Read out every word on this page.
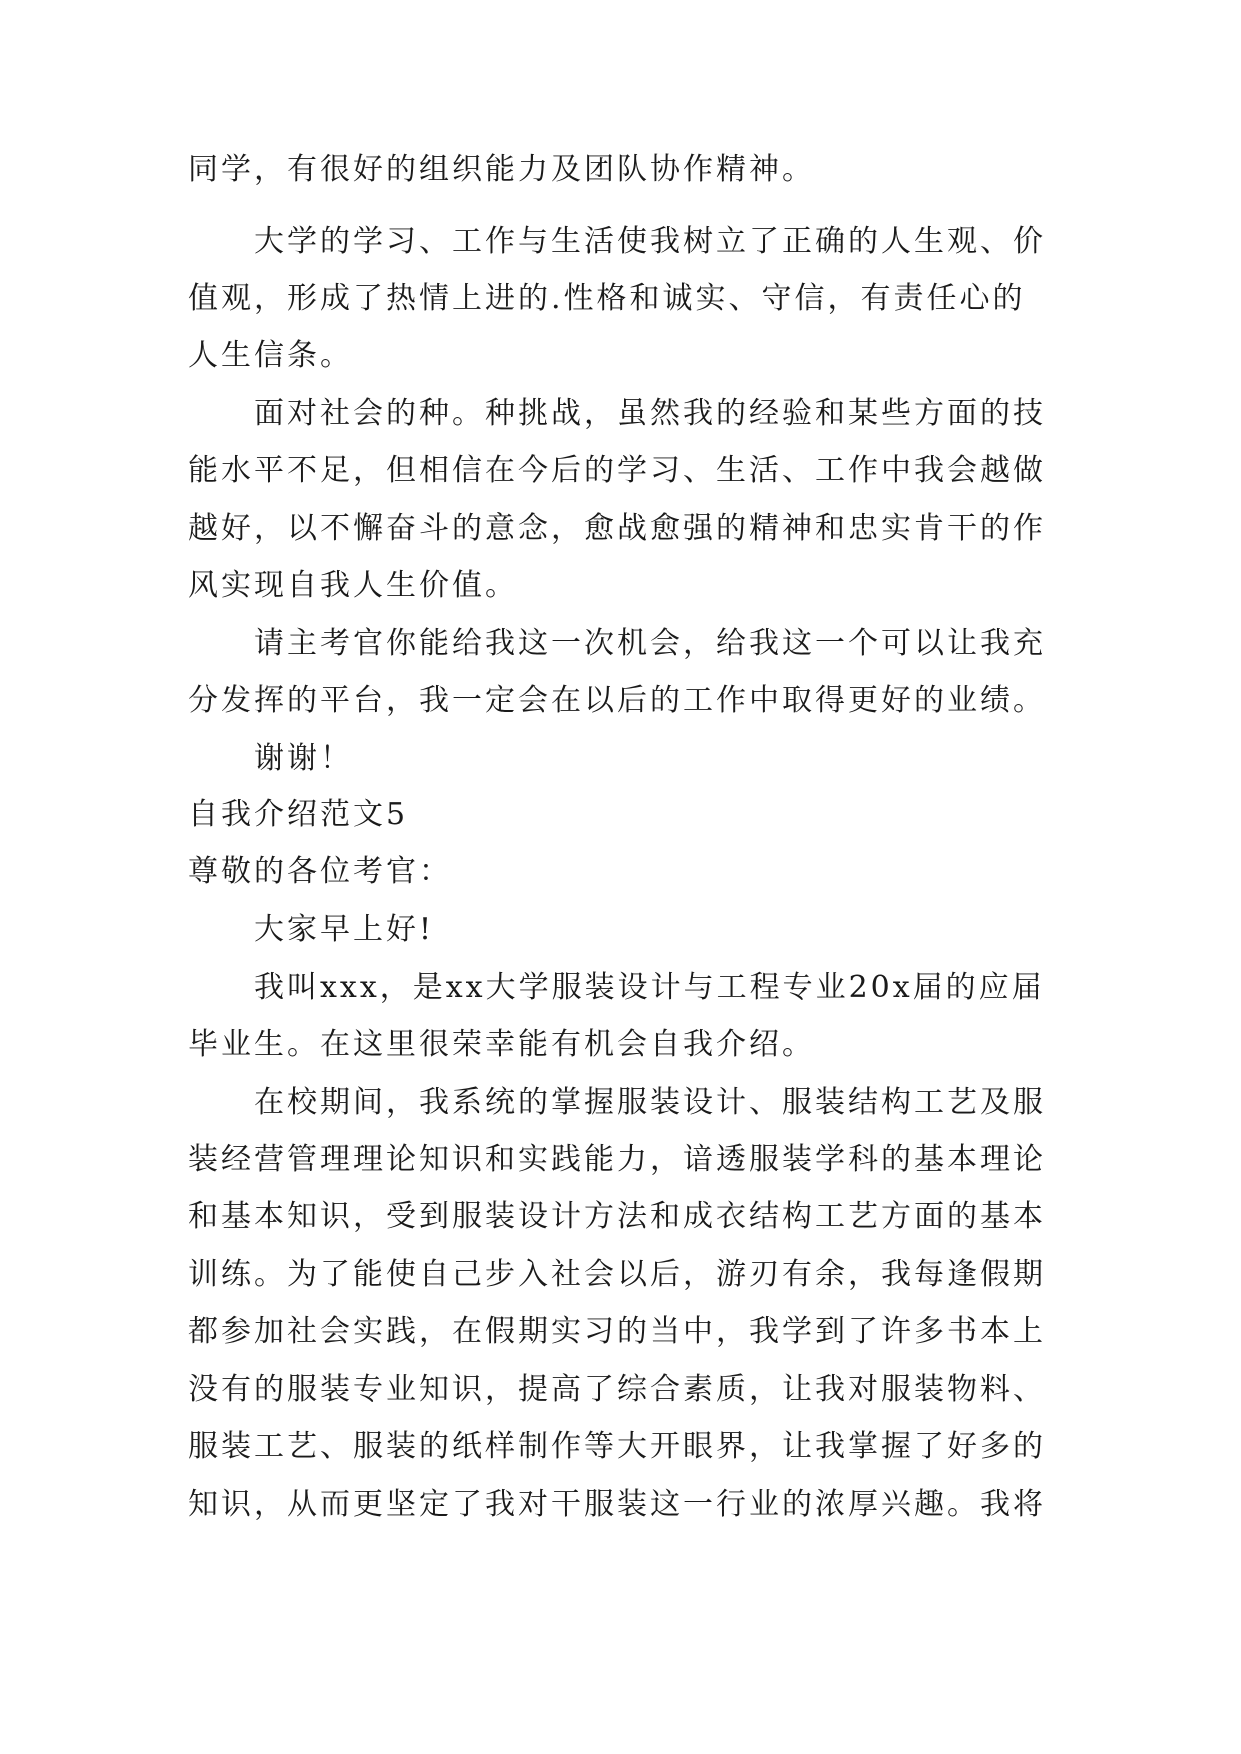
同学，有很好的组织能力及团队协作精神。
大学的学习、工作与生活使我树立了正确的人生观、价
值观，形成了热情上进的.性格和诚实、守信，有责任心的
人生信条。
面对社会的种。种挑战，虽然我的经验和某些方面的技
能水平不足，但相信在今后的学习、生活、工作中我会越做
越好，以不懈奋斗的意念，愈战愈强的精神和忠实肯干的作
风实现自我人生价值。
请主考官你能给我这一次机会，给我这一个可以让我充
分发挥的平台，我一定会在以后的工作中取得更好的业绩。
谢谢！
自我介绍范文5
尊敬的各位考官：
大家早上好!
我叫xxx，是xx大学服装设计与工程专业20x届的应届
毕业生。在这里很荣幸能有机会自我介绍。
在校期间，我系统的掌握服装设计、服装结构工艺及服
装经营管理理论知识和实践能力，谙透服装学科的基本理论
和基本知识，受到服装设计方法和成衣结构工艺方面的基本
训练。为了能使自己步入社会以后，游刃有余，我每逢假期
都参加社会实践，在假期实习的当中，我学到了许多书本上
没有的服装专业知识，提高了综合素质，让我对服装物料、
服装工艺、服装的纸样制作等大开眼界，让我掌握了好多的
知识，从而更坚定了我对干服装这一行业的浓厚兴趣。我将
